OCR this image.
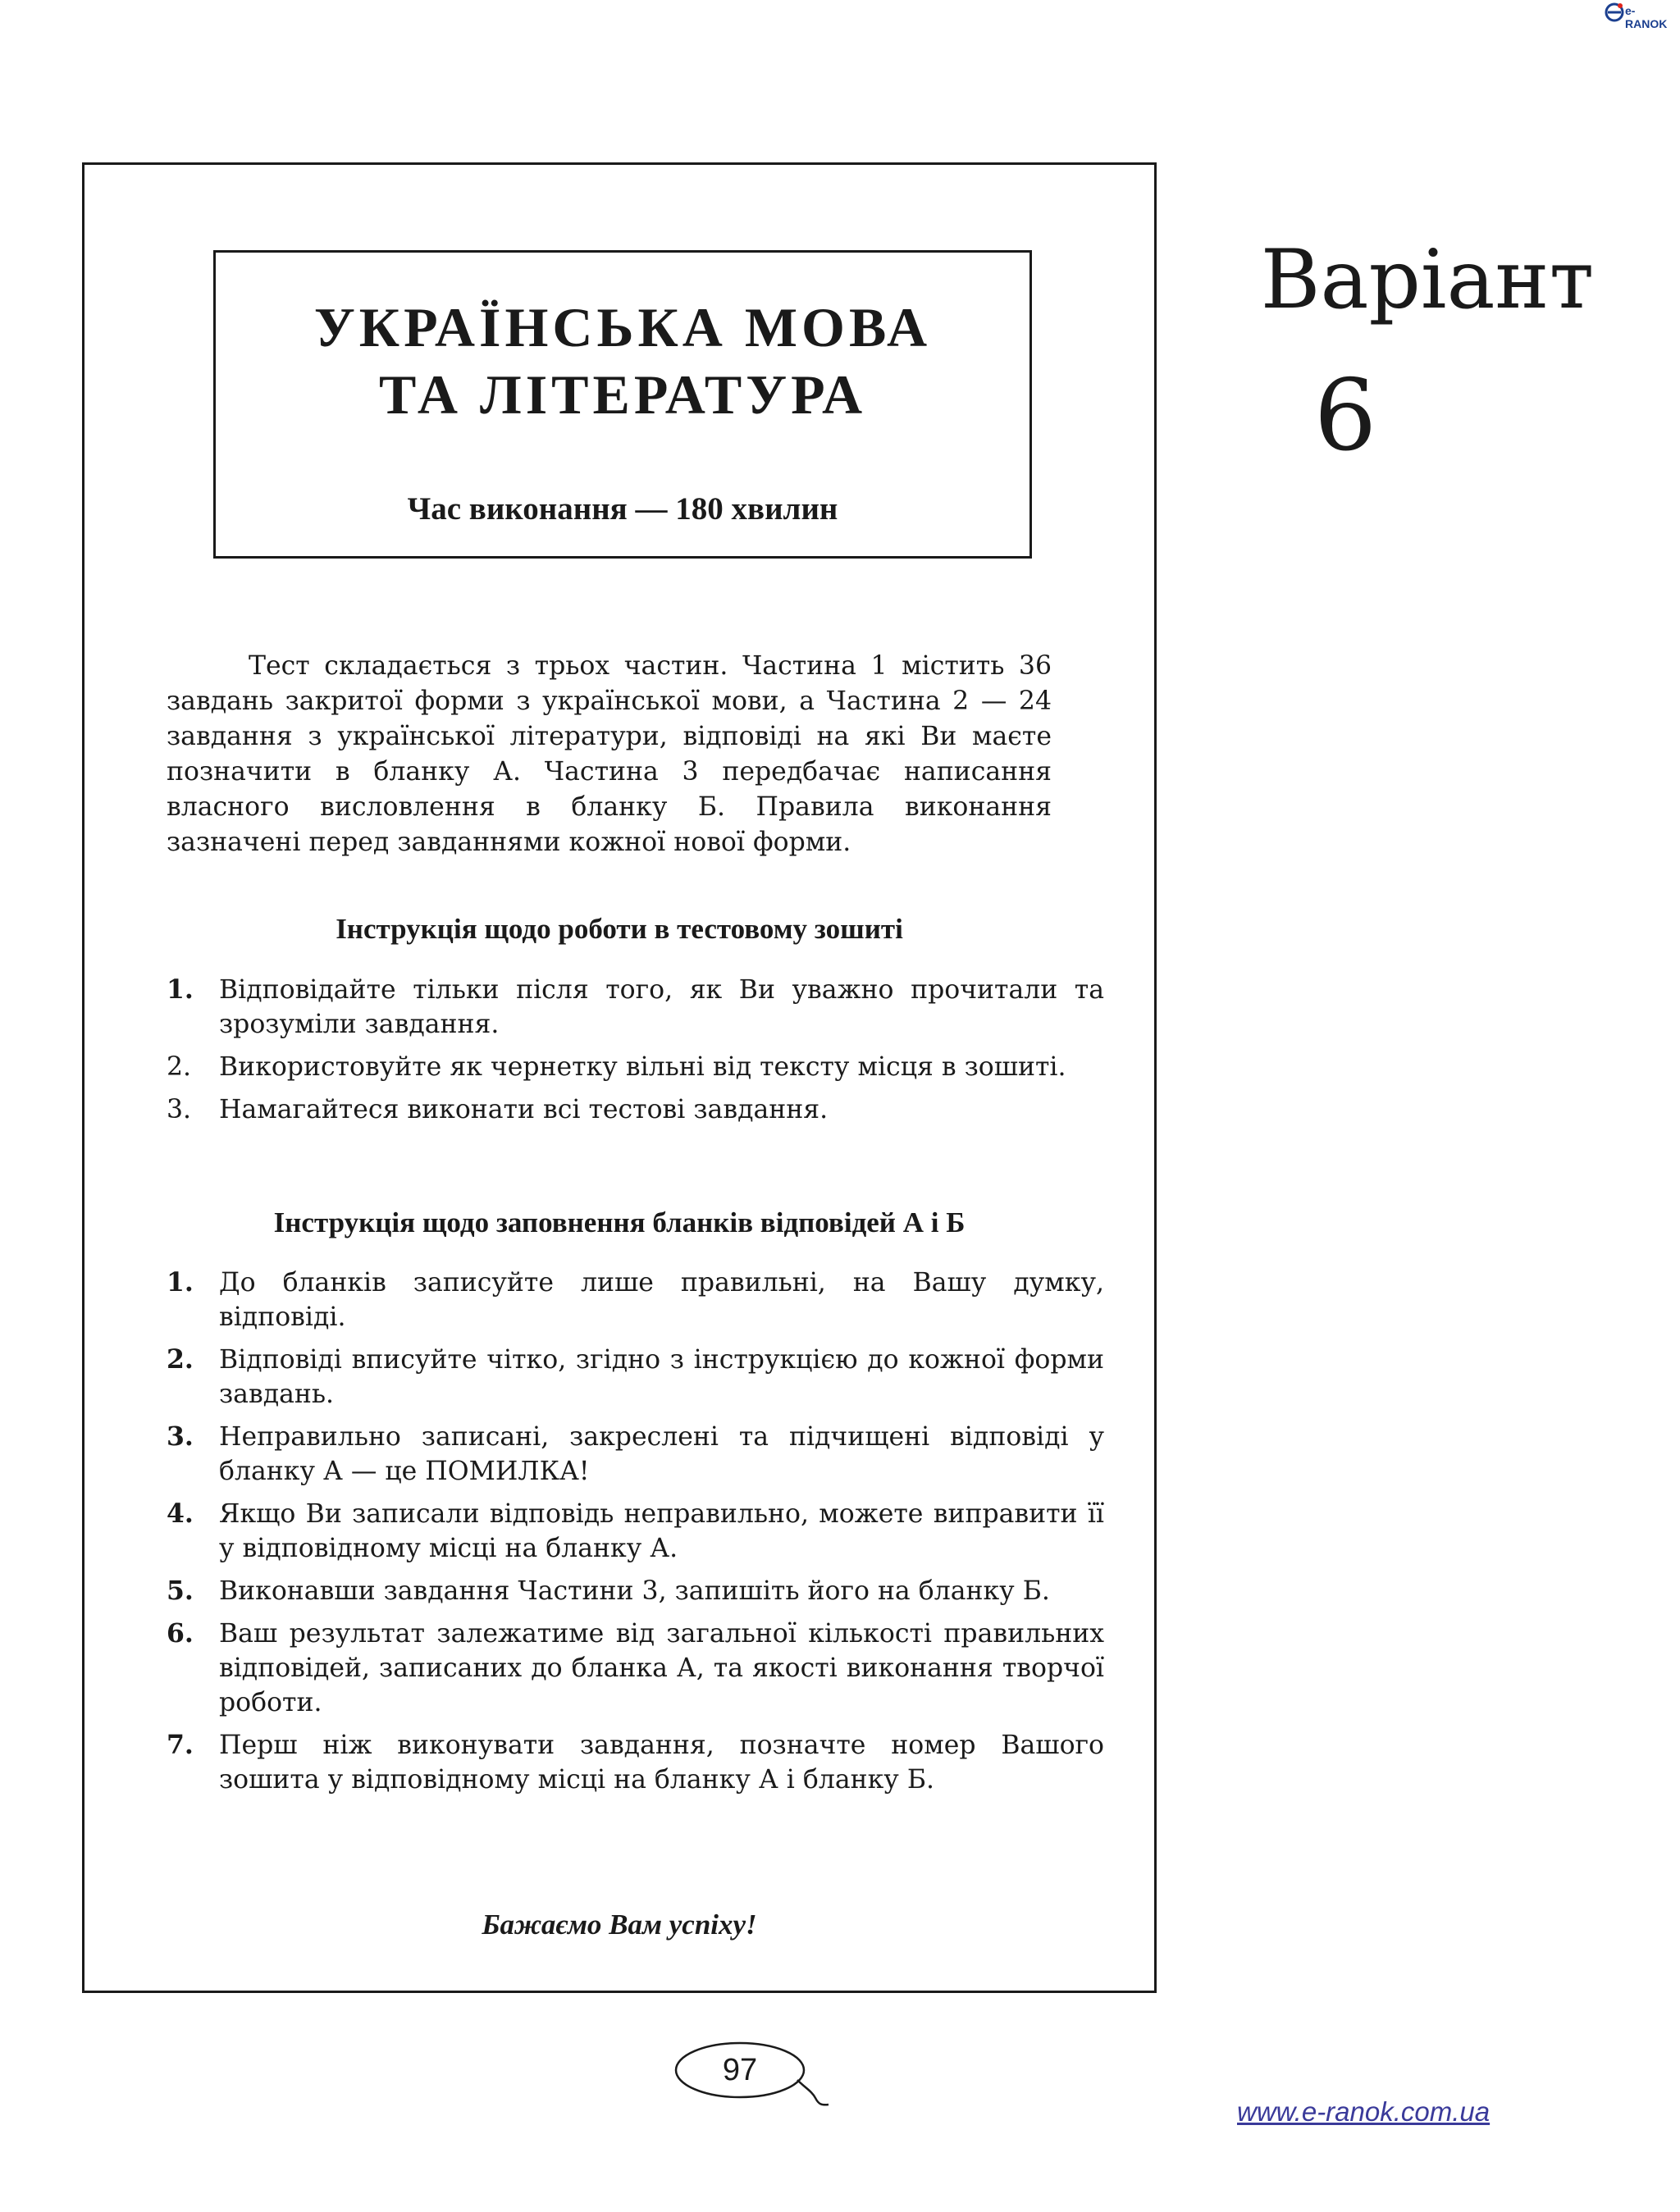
e-RANOK
УКРАЇНСЬКА МОВА
ТА ЛІТЕРАТУРА
Час виконання — 180 хвилин

Тест складається з трьох частин. Частина 1 містить 36 завдань закритої форми з української мови, а Частина 2 — 24 завдання з української літератури, відповіді на які Ви маєте позначити в бланку А. Частина 3 передбачає написання власного висловлення в бланку Б. Правила виконання зазначені перед завданнями кожної нової форми.

Інструкція щодо роботи в тестовому зошиті
1. Відповідайте тільки після того, як Ви уважно прочитали та зрозуміли завдання.
2. Використовуйте як чернетку вільні від тексту місця в зошиті.
3. Намагайтеся виконати всі тестові завдання.
Інструкція щодо заповнення бланків відповідей А і Б
1. До бланків записуйте лише правильні, на Вашу думку, відповіді.
2. Відповіді вписуйте чітко, згідно з інструкцією до кожної форми завдань.
3. Неправильно записані, закреслені та підчищені відповіді у бланку А — це ПОМИЛКА!
4. Якщо Ви записали відповідь неправильно, можете виправити її у відповідному місці на бланку А.
5. Виконавши завдання Частини 3, запишіть його на бланку Б.
6. Ваш результат залежатиме від загальної кількості правильних відповідей, записаних до бланка А, та якості виконання творчої роботи.
7. Перш ніж виконувати завдання, позначте номер Вашого зошита у відповідному місці на бланку А і бланку Б.
Бажаємо Вам успіху!
Варіант
6
97
www.e-ranok.com.ua
